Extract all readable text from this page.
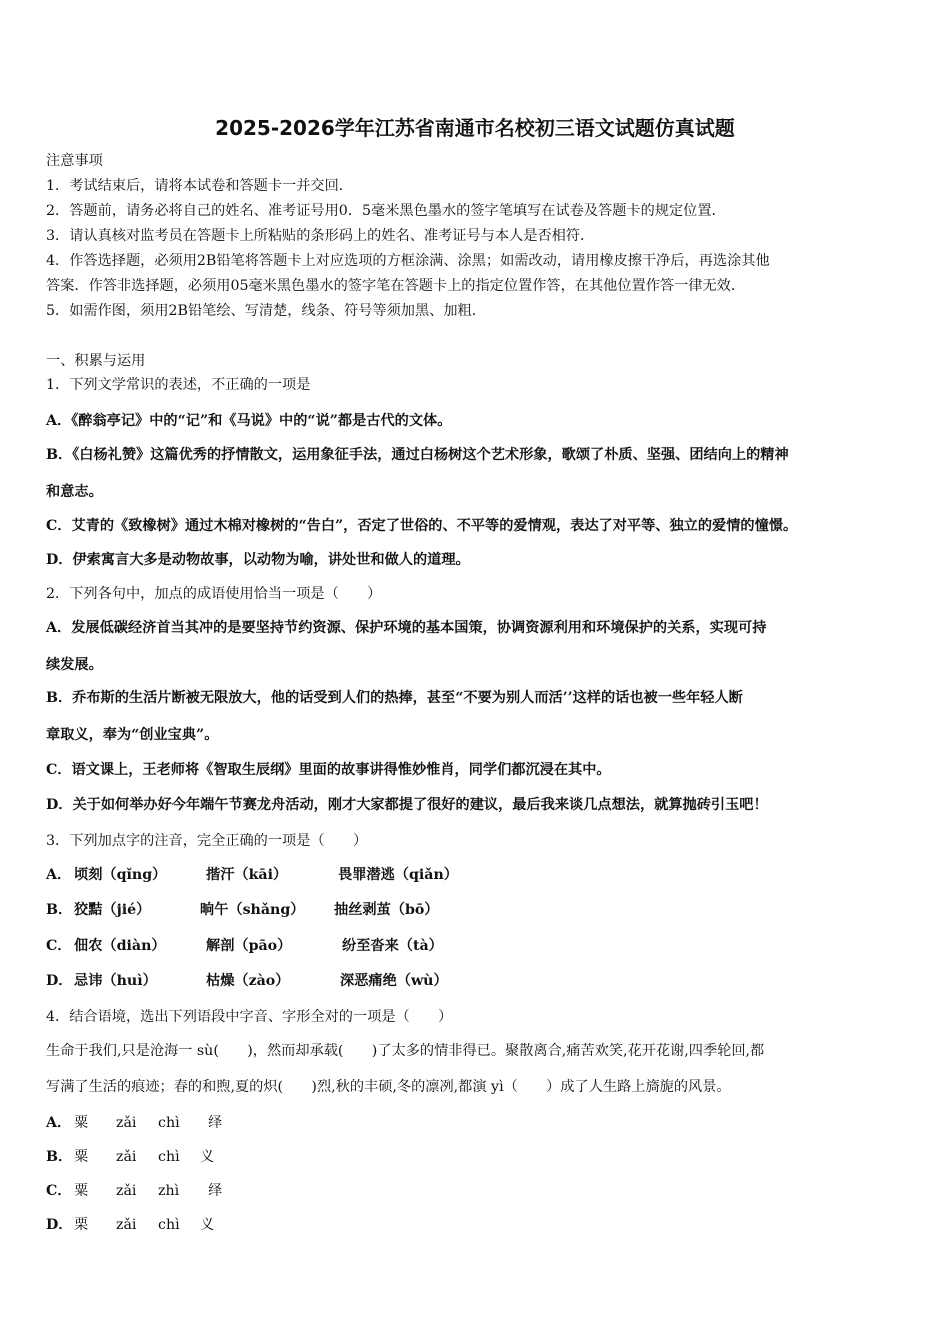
2025-2026学年江苏省南通市名校初三语文试题仿真试题
注意事项
1．考试结束后，请将本试卷和答题卡一并交回．
2．答题前，请务必将自己的姓名、准考证号用0．5毫米黑色墨水的签字笔填写在试卷及答题卡的规定位置．
3．请认真核对监考员在答题卡上所粘贴的条形码上的姓名、准考证号与本人是否相符．
4．作答选择题，必须用2B铅笔将答题卡上对应选项的方框涂满、涂黑；如需改动，请用橡皮擦干净后，再选涂其他
答案．作答非选择题，必须用05毫米黑色墨水的签字笔在答题卡上的指定位置作答，在其他位置作答一律无效．
5．如需作图，须用2B铅笔绘、写清楚，线条、符号等须加黑、加粗．
一、积累与运用
1．下列文学常识的表述，不正确的一项是
A．《醉翁亭记》中的“记”和《马说》中的“说”都是古代的文体。
B．《白杨礼赞》这篇优秀的抒情散文，运用象征手法，通过白杨树这个艺术形象，歌颂了朴质、坚强、团结向上的精神
和意志。
C．艾青的《致橡树》通过木棉对橡树的“告白”，否定了世俗的、不平等的爱情观，表达了对平等、独立的爱情的憧憬。
D．伊索寓言大多是动物故事，以动物为喻，讲处世和做人的道理。
2．下列各句中，加点的成语使用恰当一项是（　　）
A．发展低碳经济首当其冲的是要坚持节约资源、保护环境的基本国策，协调资源利用和环境保护的关系，实现可持
续发展。
B．乔布斯的生活片断被无限放大，他的话受到人们的热捧，甚至“不要为别人而活’’这样的话也被一些年轻人断
章取义，奉为“创业宝典”。
C．语文课上，王老师将《智取生辰纲》里面的故事讲得惟妙惟肖，同学们都沉浸在其中。
D．关于如何举办好今年端午节赛龙舟活动，刚才大家都提了很好的建议，最后我来谈几点想法，就算抛砖引玉吧！
3．下列加点字的注音，完全正确的一项是（　　）
A． 顷刻（qǐng）	揩汗（kāi）	畏罪潜逃（qiǎn）
B． 狡黠（jié）	晌午（shǎng） 抽丝剥茧（bō）
C． 佃农（diàn）	解剖（pāo）	纷至沓来（tà）
D． 忌讳（huì）	枯燥（zào）	深恶痛绝（wù）
4．结合语境，选出下列语段中字音、字形全对的一项是（　　）
生命于我们,只是沧海一 sù(　　)，然而却承载(　　)了太多的情非得已。聚散离合,痛苦欢笑,花开花谢,四季轮回,都
写满了生活的痕迹；春的和煦,夏的炽(　　)烈,秋的丰硕,冬的凛冽,都演 yì（　　）成了人生路上旖旎的风景。
A． 粟 zǎi chì 绎
B． 粟 zǎi chì 义
C． 粟 zǎi zhì 绎
D． 栗 zǎi chì 义
